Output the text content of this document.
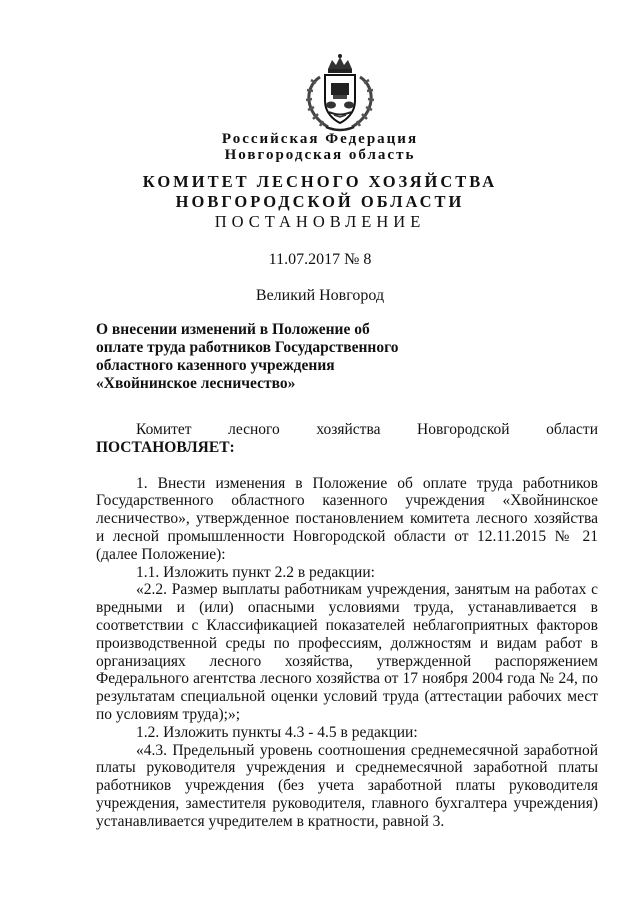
Российская Федерация
Новгородская область
КОМИТЕТ ЛЕСНОГО ХОЗЯЙСТВА
НОВГОРОДСКОЙ ОБЛАСТИ
ПОСТАНОВЛЕНИЕ
11.07.2017 № 8
Великий Новгород
О внесении изменений в Положение об
оплате труда работников Государственного
областного казенного учреждения
«Хвойнинское лесничество»

Комитет лесного хозяйства Новгородской области

ПОСТАНОВЛЯЕТ:

1. Внести изменения в Положение об оплате труда работников Государственного областного казенного учреждения «Хвойнинское лесничество», утвержденное постановлением комитета лесного хозяйства и лесной промышленности Новгородской области от 12.11.2015 № 21 (далее Положение):

1.1. Изложить пункт 2.2 в редакции:

«2.2. Размер выплаты работникам учреждения, занятым на работах с вредными и (или) опасными условиями труда, устанавливается в соответствии с Классификацией показателей неблагоприятных факторов производственной среды по профессиям, должностям и видам работ в организациях лесного хозяйства, утвержденной распоряжением Федерального агентства лесного хозяйства от 17 ноября 2004 года № 24, по результатам специальной оценки условий труда (аттестации рабочих мест по условиям труда);»;

1.2. Изложить пункты 4.3 - 4.5 в редакции:

«4.3. Предельный уровень соотношения среднемесячной заработной платы руководителя учреждения и среднемесячной заработной платы работников учреждения (без учета заработной платы руководителя учреждения, заместителя руководителя, главного бухгалтера учреждения) устанавливается учредителем в кратности, равной 3.
